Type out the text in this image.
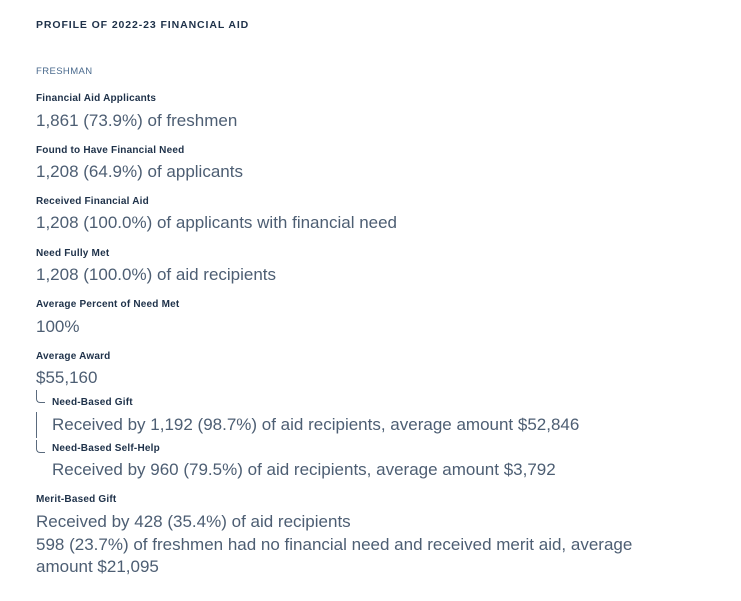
PROFILE OF 2022-23 FINANCIAL AID
FRESHMAN
Financial Aid Applicants
1,861 (73.9%) of freshmen
Found to Have Financial Need
1,208 (64.9%) of applicants
Received Financial Aid
1,208 (100.0%) of applicants with financial need
Need Fully Met
1,208 (100.0%) of aid recipients
Average Percent of Need Met
100%
Average Award
$55,160
Need-Based Gift
Received by 1,192 (98.7%) of aid recipients, average amount $52,846
Need-Based Self-Help
Received by 960 (79.5%) of aid recipients, average amount $3,792
Merit-Based Gift
Received by 428 (35.4%) of aid recipients
598 (23.7%) of freshmen had no financial need and received merit aid, average
amount $21,095
